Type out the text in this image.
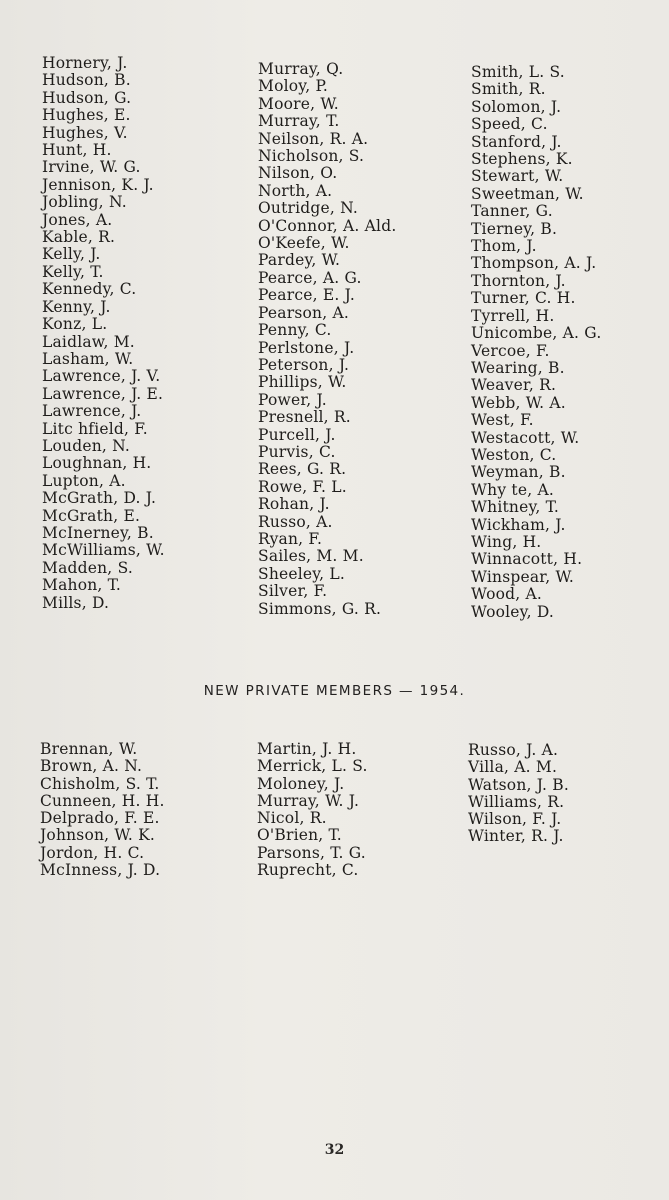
Hornery, J.
Hudson, B.
Hudson, G.
Hughes, E.
Hughes, V.
Hunt, H.
Irvine, W. G.
Jennison, K. J.
Jobling, N.
Jones, A.
Kable, R.
Kelly, J.
Kelly, T.
Kennedy, C.
Kenny, J.
Konz, L.
Laidlaw, M.
Lasham, W.
Lawrence, J. V.
Lawrence, J. E.
Lawrence, J.
Litc hfield, F.
Louden, N.
Loughnan, H.
Lupton, A.
McGrath, D. J.
McGrath, E.
McInerney, B.
McWilliams, W.
Madden, S.
Mahon, T.
Mills, D.
Murray, Q.
Moloy, P.
Moore, W.
Murray, T.
Neilson, R. A.
Nicholson, S.
Nilson, O.
North, A.
Outridge, N.
O'Connor, A. Ald.
O'Keefe, W.
Pardey, W.
Pearce, A. G.
Pearce, E. J.
Pearson, A.
Penny, C.
Perlstone, J.
Peterson, J.
Phillips, W.
Power, J.
Presnell, R.
Purcell, J.
Purvis, C.
Rees, G. R.
Rowe, F. L.
Rohan, J.
Russo, A.
Ryan, F.
Sailes, M. M.
Sheeley, L.
Silver, F.
Simmons, G. R.
Smith, L. S.
Smith, R.
Solomon, J.
Speed, C.
Stanford, J.
Stephens, K.
Stewart, W.
Sweetman, W.
Tanner, G.
Tierney, B.
Thom, J.
Thompson, A. J.
Thornton, J.
Turner, C. H.
Tyrrell, H.
Unicombe, A. G.
Vercoe, F.
Wearing, B.
Weaver, R.
Webb, W. A.
West, F.
Westacott, W.
Weston, C.
Weyman, B.
Why te, A.
Whitney, T.
Wickham, J.
Wing, H.
Winnacott, H.
Winspear, W.
Wood, A.
Wooley, D.
NEW PRIVATE MEMBERS — 1954.
Brennan, W.
Brown, A. N.
Chisholm, S. T.
Cunneen, H. H.
Delprado, F. E.
Johnson, W. K.
Jordon, H. C.
McInness, J. D.
Martin, J. H.
Merrick, L. S.
Moloney, J.
Murray, W. J.
Nicol, R.
O'Brien, T.
Parsons, T. G.
Ruprecht, C.
Russo, J. A.
Villa, A. M.
Watson, J. B.
Williams, R.
Wilson, F. J.
Winter, R. J.
32
